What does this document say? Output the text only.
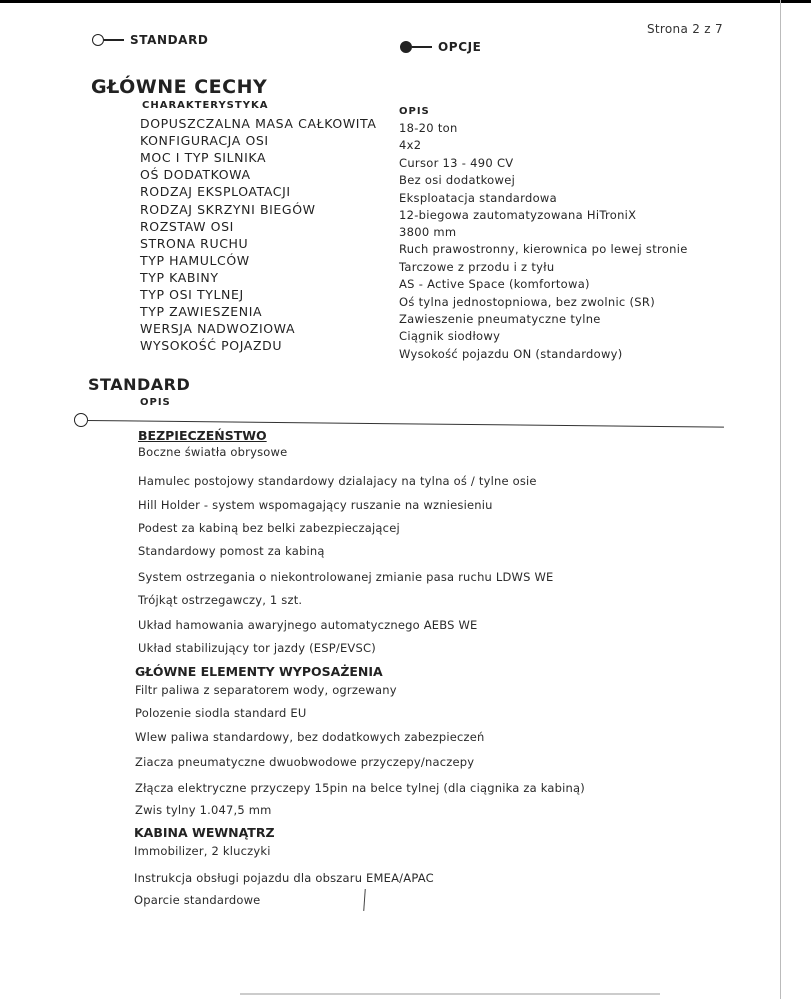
Strona 2 z 7
STANDARD	OPCJE
GŁÓWNE CECHY
CHARAKTERYSTYKA
OPIS
DOPUSZCZALNA MASA CAŁKOWITA
KONFIGURACJA OSI
MOC I TYP SILNIKA
OŚ DODATKOWA
RODZAJ EKSPLOATACJI
RODZAJ SKRZYNI BIEGÓW
ROZSTAW OSI
STRONA RUCHU
TYP HAMULCÓW
TYP KABINY
TYP OSI TYLNEJ
TYP ZAWIESZENIA
WERSJA NADWOZIOWA
WYSOKOŚĆ POJAZDU
18-20 ton
4x2
Cursor 13 - 490 CV
Bez osi dodatkowej
Eksploatacja standardowa
12-biegowa zautomatyzowana HiTroniX
3800 mm
Ruch prawostronny, kierownica po lewej stronie
Tarczowe z przodu i z tyłu
AS - Active Space (komfortowa)
Oś tylna jednostopniowa, bez zwolnic (SR)
Zawieszenie pneumatyczne tylne
Ciągnik siodłowy
Wysokość pojazdu ON (standardowy)
STANDARD
OPIS
BEZPIECZEŃSTWO
Boczne światła obrysowe
Hamulec postojowy standardowy dzialajacy na tylna oś / tylne osie
Hill Holder - system wspomagający ruszanie na wzniesieniu
Podest za kabiną bez belki zabezpieczającej
Standardowy pomost za kabiną
System ostrzegania o niekontrolowanej zmianie pasa ruchu LDWS WE
Trójkąt ostrzegawczy, 1 szt.
Układ hamowania awaryjnego automatycznego AEBS WE
Układ stabilizujący tor jazdy (ESP/EVSC)
GŁÓWNE ELEMENTY WYPOSAŻENIA
Filtr paliwa z separatorem wody, ogrzewany
Polozenie siodla standard EU
Wlew paliwa standardowy, bez dodatkowych zabezpieczeń
Ziacza pneumatyczne dwuobwodowe przyczepy/naczepy
Złącza elektryczne przyczepy 15pin na belce tylnej (dla ciągnika za kabiną)
Zwis tylny 1.047,5 mm
KABINA WEWNĄTRZ
Immobilizer, 2 kluczyki
Instrukcja obsługi pojazdu dla obszaru EMEA/APAC
Oparcie standardowe
